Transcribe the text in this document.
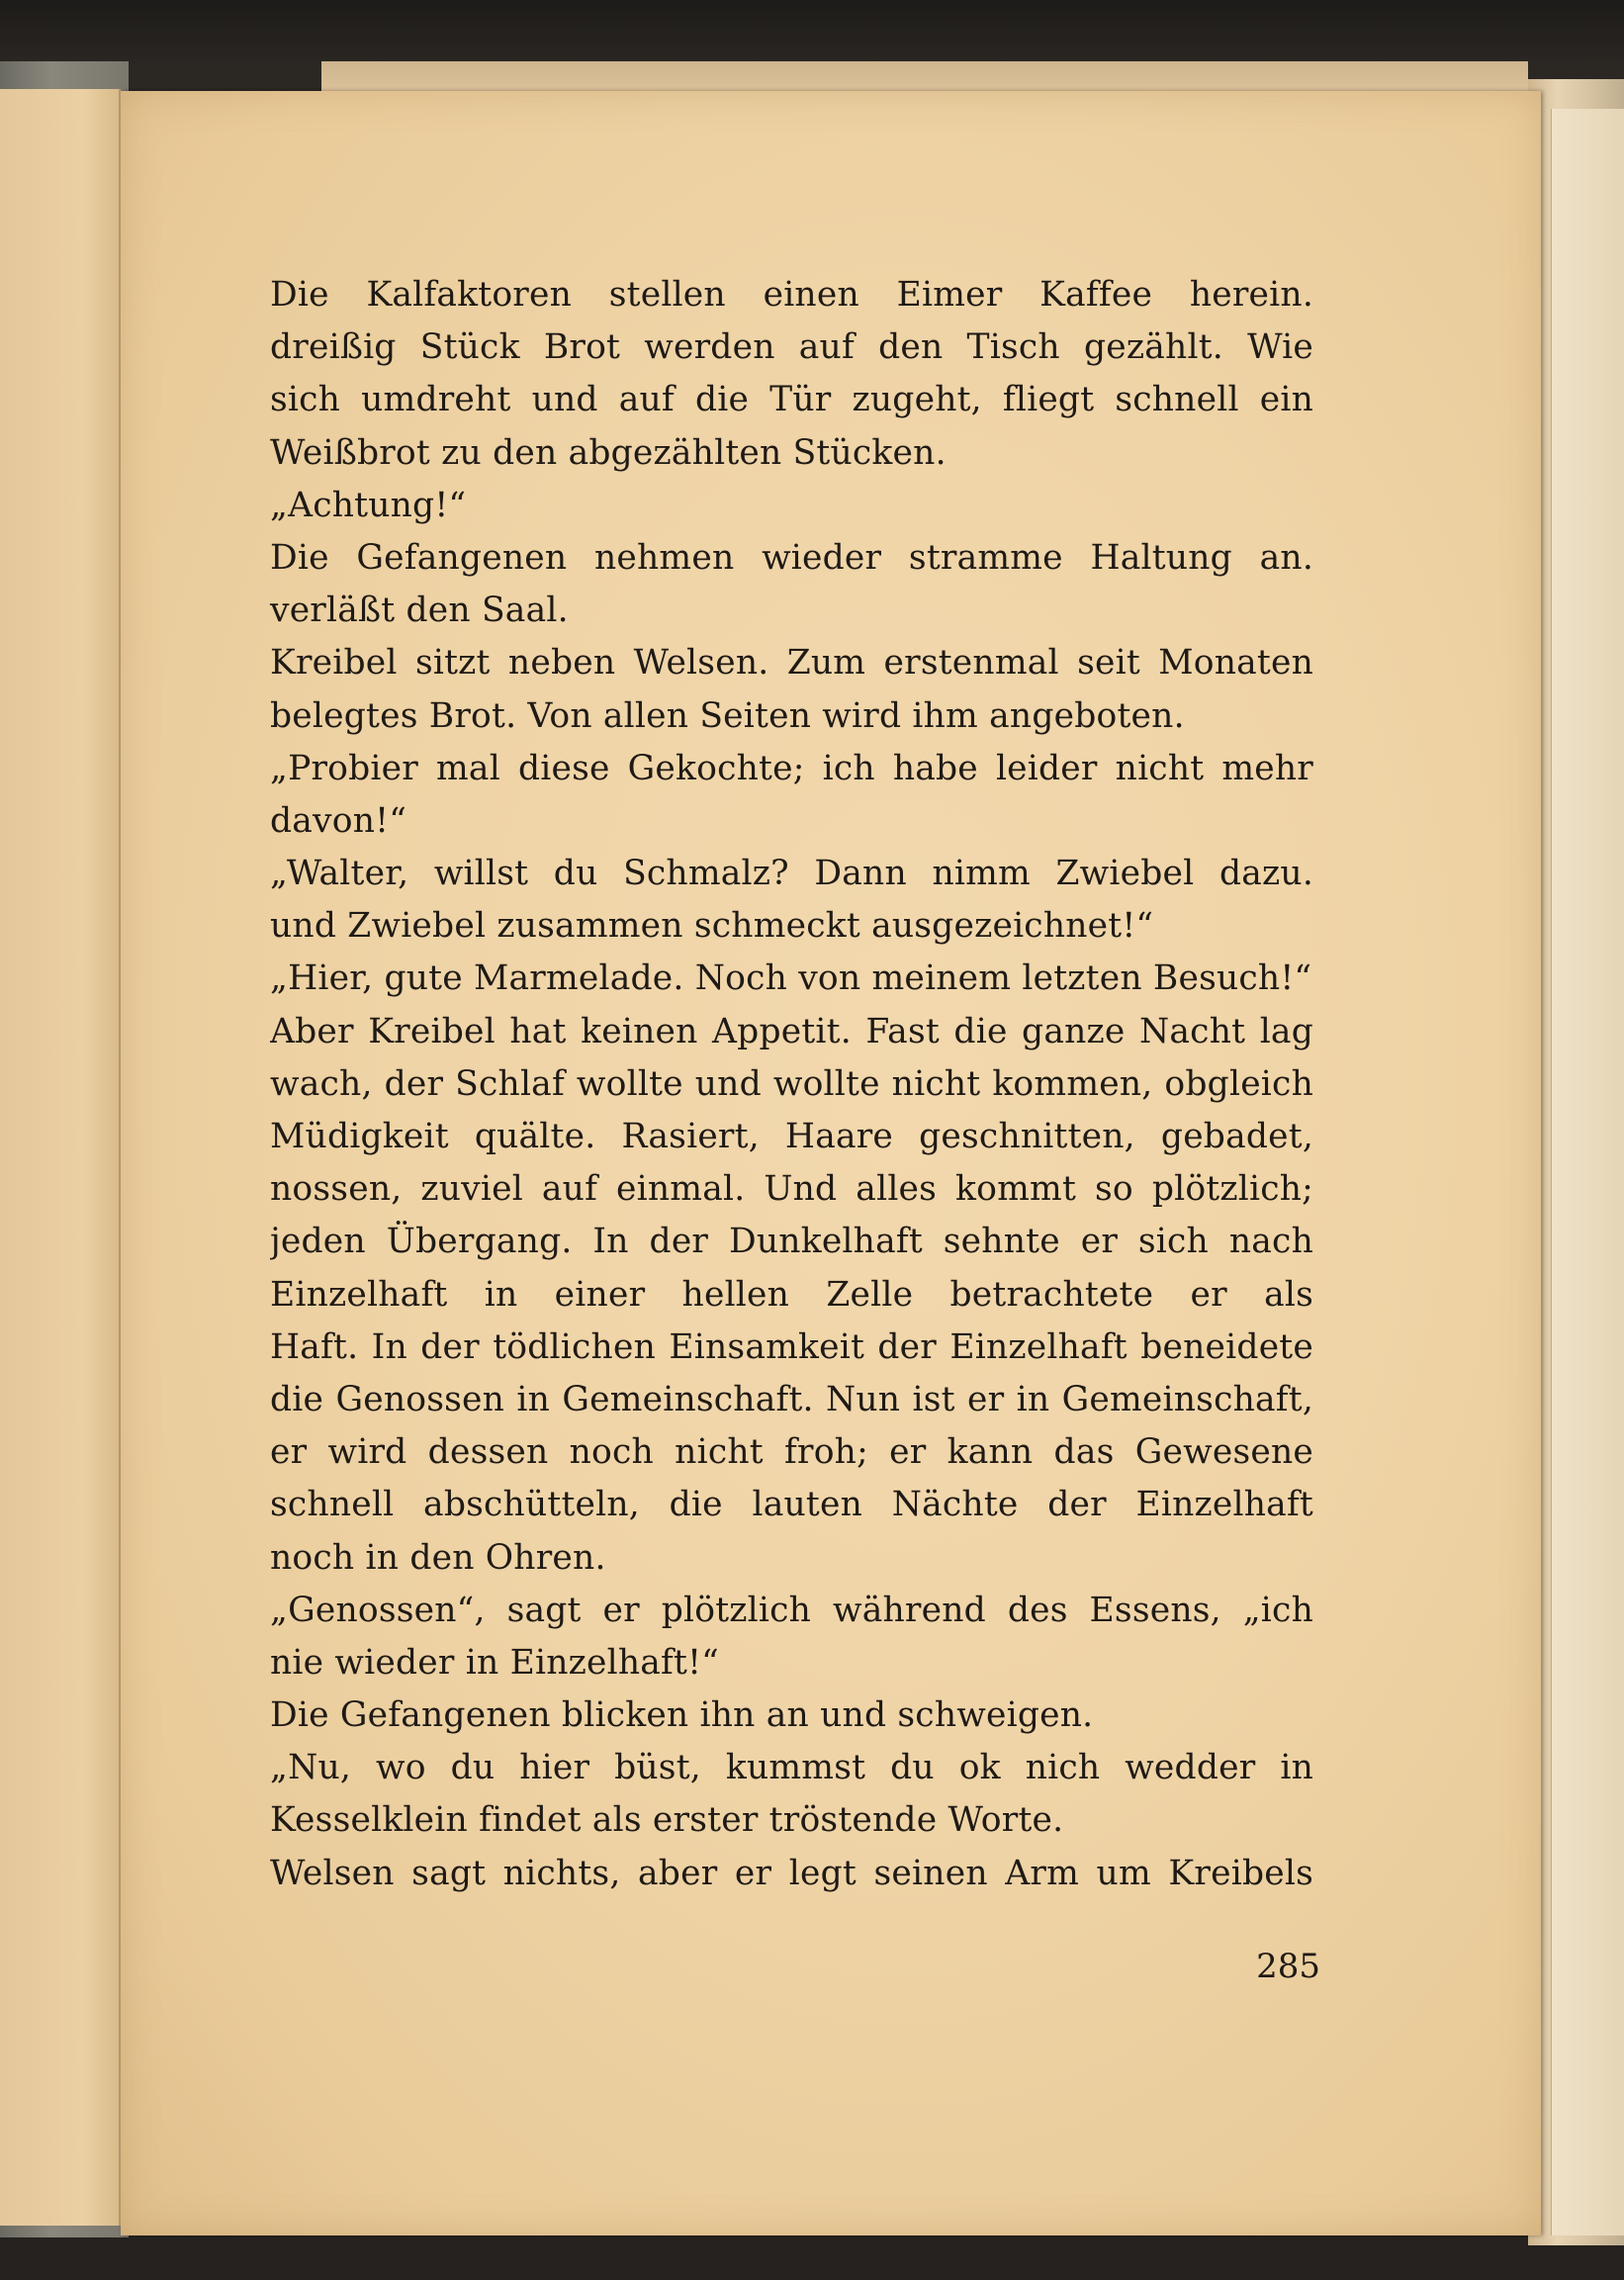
Die Kalfaktoren stellen einen Eimer Kaffee herein.
dreißig Stück Brot werden auf den Tisch gezählt. Wie
sich umdreht und auf die Tür zugeht, fliegt schnell ein
Weißbrot zu den abgezählten Stücken.
„Achtung!“
Die Gefangenen nehmen wieder stramme Haltung an.
verläßt den Saal.
Kreibel sitzt neben Welsen. Zum erstenmal seit Monaten
belegtes Brot. Von allen Seiten wird ihm angeboten.
„Probier mal diese Gekochte; ich habe leider nicht mehr
davon!“
„Walter, willst du Schmalz? Dann nimm Zwiebel dazu.
und Zwiebel zusammen schmeckt ausgezeichnet!“
„Hier, gute Marmelade. Noch von meinem letzten Besuch!“
Aber Kreibel hat keinen Appetit. Fast die ganze Nacht lag
wach, der Schlaf wollte und wollte nicht kommen, obgleich
Müdigkeit quälte. Rasiert, Haare geschnitten, gebadet,
nossen, zuviel auf einmal. Und alles kommt so plötzlich;
jeden Übergang. In der Dunkelhaft sehnte er sich nach
Einzelhaft in einer hellen Zelle betrachtete er als
Haft. In der tödlichen Einsamkeit der Einzelhaft beneidete
die Genossen in Gemeinschaft. Nun ist er in Gemeinschaft,
er wird dessen noch nicht froh; er kann das Gewesene
schnell abschütteln, die lauten Nächte der Einzelhaft
noch in den Ohren.
„Genossen“, sagt er plötzlich während des Essens, „ich
nie wieder in Einzelhaft!“
Die Gefangenen blicken ihn an und schweigen.
„Nu, wo du hier büst, kummst du ok nich wedder in
Kesselklein findet als erster tröstende Worte.
Welsen sagt nichts, aber er legt seinen Arm um Kreibels
285
